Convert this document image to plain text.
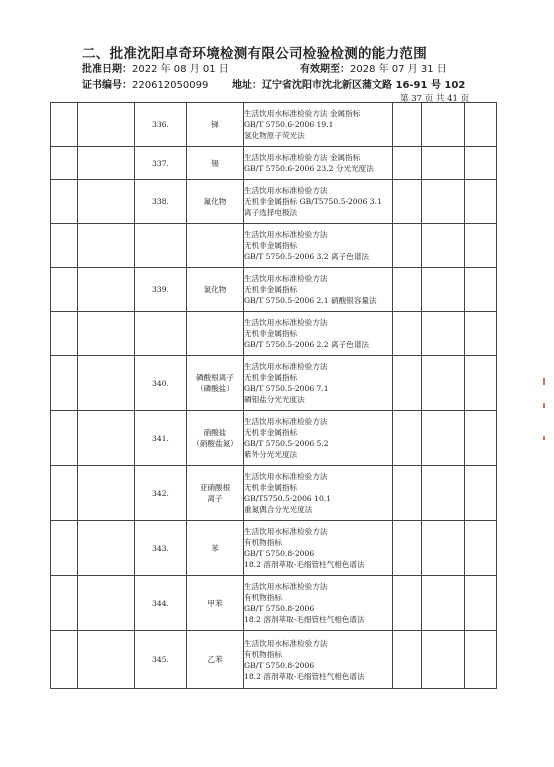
二、批准沈阳卓奇环境检测有限公司检验检测的能力范围
批准日期：2022 年 08 月 01 日	有效期至：2028 年 07 月 31 日
证书编号：220612050099 地址：辽宁省沈阳市沈北新区蒲文路 16-91 号 102
第 37 页 共 41 页
		336.	锑	生活饮用水标准检验方法 金属指标
GB/T 5750.6-2006 19.1
氢化物原子荧光法			

		337.	锡	生活饮用水标准检验方法 金属指标
GB/T 5750.6-2006 23.2 分光光度法			

		338.	氟化物	生活饮用水标准检验方法
无机非金属指标 GB/T5750.5-2006 3.1
离子选择电极法			

				生活饮用水标准检验方法
无机非金属指标
GB/T 5750.5-2006 3.2 离子色谱法			

		339.	氯化物	生活饮用水标准检验方法
无机非金属指标
GB/T 5750.5-2006 2.1 硝酸银容量法			

				生活饮用水标准检验方法
无机非金属指标
GB/T 5750.5-2006 2.2 离子色谱法			

		340.	磷酸根离子
（磷酸盐）	生活饮用水标准检验方法
无机非金属指标
GB/T 5750.5-2006 7.1
磷钼盐分光光度法			

		341.	硝酸盐
（硝酸盐氮）	生活饮用水标准检验方法
无机非金属指标
GB/T 5750.5-2006 5.2
紫外分光光度法			

		342.	亚硝酸根
离子	生活饮用水标准检验方法
无机非金属指标
GB/T5750.5-2006 10.1
重氮偶合分光光度法			

		343.	苯	生活饮用水标准检验方法
有机物指标
GB/T 5750.8-2006
18.2 溶剂萃取-毛细管柱气相色谱法			

		344.	甲苯	生活饮用水标准检验方法
有机物指标
GB/T 5750.8-2006
18.2 溶剂萃取-毛细管柱气相色谱法			

		345.	乙苯	生活饮用水标准检验方法
有机物指标
GB/T 5750.8-2006
18.2 溶剂萃取-毛细管柱气相色谱法			
